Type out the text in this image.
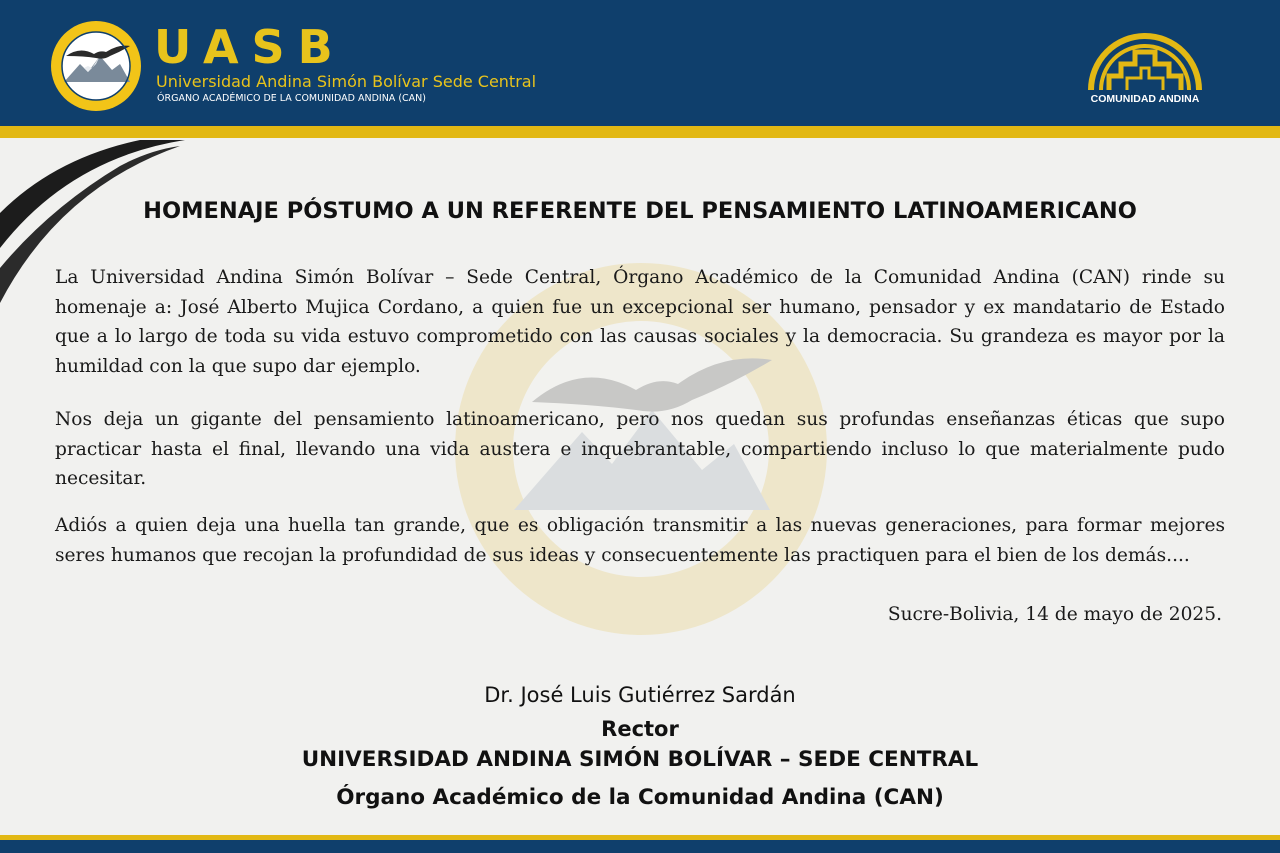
UASB
Universidad Andina Simón Bolívar Sede Central
ÓRGANO ACADÉMICO DE LA COMUNIDAD ANDINA (CAN)	COMUNIDAD ANDINA
HOMENAJE PÓSTUMO A UN REFERENTE DEL PENSAMIENTO LATINOAMERICANO

La Universidad Andina Simón Bolívar – Sede Central, Órgano Académico de la Comunidad Andina (CAN) rinde su homenaje a: José Alberto Mujica Cordano, a quien fue un excepcional ser humano, pensador y ex mandatario de Estado que a lo largo de toda su vida estuvo comprometido con las causas sociales y la democracia. Su grandeza es mayor por la humildad con la que supo dar ejemplo.

Nos deja un gigante del pensamiento latinoamericano, pero nos quedan sus profundas enseñanzas éticas que supo practicar hasta el final, llevando una vida austera e inquebrantable, compartiendo incluso lo que materialmente pudo necesitar.

Adiós a quien deja una huella tan grande, que es obligación transmitir a las nuevas generaciones, para formar mejores seres humanos que recojan la profundidad de sus ideas y consecuentemente las practiquen para el bien de los demás....

Sucre-Bolivia, 14 de mayo de 2025.
Dr. José Luis Gutiérrez Sardán
Rector
UNIVERSIDAD ANDINA SIMÓN BOLÍVAR – SEDE CENTRAL
Órgano Académico de la Comunidad Andina (CAN)
